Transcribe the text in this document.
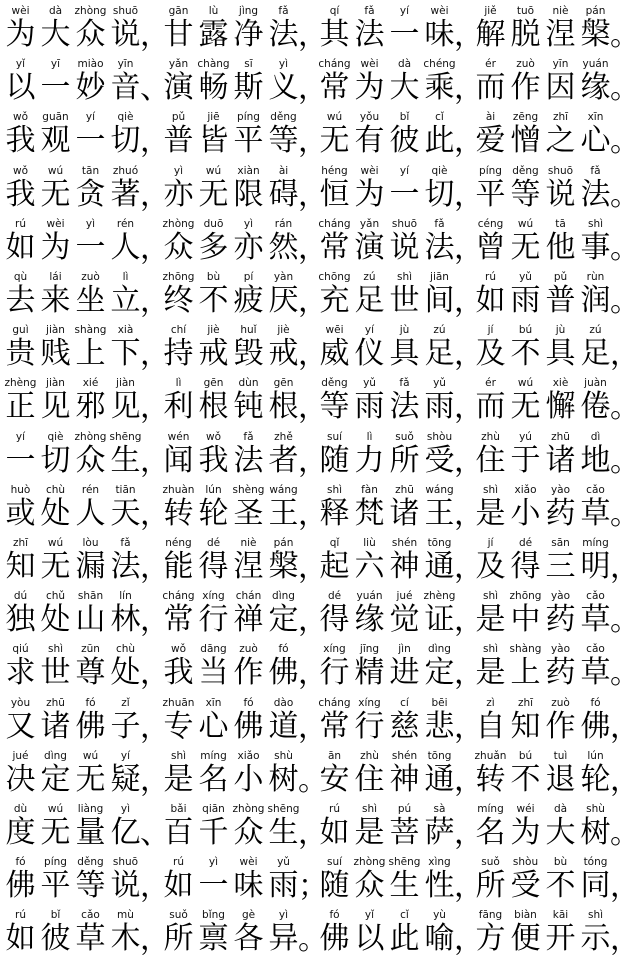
wèi
为
dà
大
zhòng
众
shuō
说 ，
gān
甘
lù
露
jìng
净
fǎ
法 ，
qí
其
fǎ
法
yí
一
wèi
味 ，
jiě
解
tuō
脱
niè
涅
pán
槃 。
yǐ
以
yī
一
miào
妙
yīn
音 、
yǎn
演
chàng
畅
sī
斯
yì
义 ，
cháng
常
wèi
为
dà
大
chéng
乘 ，
ér
而
zuò
作
yīn
因
yuán
缘 。
wǒ
我
guān
观
yí
一
qiè
切 ，
pǔ
普
jiē
皆
píng
平
děng
等 ，
wú
无
yǒu
有
bǐ
彼
cǐ
此 ，
ài
爱
zēng
憎
zhī
之
xīn
心 。
wǒ
我
wú
无
tān
贪
zhuó
著 ，
yì
亦
wú
无
xiàn
限
ài
碍 ，
héng
恒
wèi
为
yí
一
qiè
切 ，
píng
平
děng
等
shuō
说
fǎ
法 。
rú
如
wèi
为
yì
一
rén
人 ，
zhòng
众
duō
多
yì
亦
rán
然 ，
cháng
常
yǎn
演
shuō
说
fǎ
法 ，
céng
曾
wú
无
tā
他
shì
事 。
qù
去
lái
来
zuò
坐
lì
立 ，
zhōng
终
bù
不
pí
疲
yàn
厌 ，
chōng
充
zú
足
shì
世
jiān
间 ，
rú
如
yǔ
雨
pǔ
普
rùn
润 。
guì
贵
jiàn
贱
shàng
上
xià
下 ，
chí
持
jiè
戒
huǐ
毁
jiè
戒 ，
wēi
威
yí
仪
jù
具
zú
足 ，
jí
及
bú
不
jù
具
zú
足 ，
zhèng
正
jiàn
见
xié
邪
jiàn
见 ，
lì
利
gēn
根
dùn
钝
gēn
根 ，
děng
等
yǔ
雨
fǎ
法
yǔ
雨 ，
ér
而
wú
无
xiè
懈
juàn
倦 。
yí
一
qiè
切
zhòng
众
shēng
生 ，
wén
闻
wǒ
我
fǎ
法
zhě
者 ，
suí
随
lì
力
suǒ
所
shòu
受 ，
zhù
住
yú
于
zhū
诸
dì
地 。
huò
或
chù
处
rén
人
tiān
天 ，
zhuàn
转
lún
轮
shèng
圣
wáng
王 ，
shì
释
fàn
梵
zhū
诸
wáng
王 ，
shì
是
xiǎo
小
yào
药
cǎo
草 。
zhī
知
wú
无
lòu
漏
fǎ
法 ，
néng
能
dé
得
niè
涅
pán
槃 ，
qǐ
起
liù
六
shén
神
tōng
通 ，
jí
及
dé
得
sān
三
míng
明 ，
dú
独
chǔ
处
shān
山
lín
林 ，
cháng
常
xíng
行
chán
禅
dìng
定 ，
dé
得
yuán
缘
jué
觉
zhèng
证 ，
shì
是
zhōng
中
yào
药
cǎo
草 。
qiú
求
shì
世
zūn
尊
chù
处 ，
wǒ
我
dāng
当
zuò
作
fó
佛 ，
xíng
行
jīng
精
jìn
进
dìng
定 ，
shì
是
shàng
上
yào
药
cǎo
草 。
yòu
又
zhū
诸
fó
佛
zǐ
子 ，
zhuān
专
xīn
心
fó
佛
dào
道 ，
cháng
常
xíng
行
cí
慈
bēi
悲 ，
zì
自
zhī
知
zuò
作
fó
佛 ，
jué
决
dìng
定
wú
无
yí
疑 ，
shì
是
míng
名
xiǎo
小
shù
树 。
ān
安
zhù
住
shén
神
tōng
通 ，
zhuǎn
转
bú
不
tuì
退
lún
轮 ，
dù
度
wú
无
liàng
量
yì
亿 、
bǎi
百
qiān
千
zhòng
众
shēng
生 ，
rú
如
shì
是
pú
菩
sà
萨 ，
míng
名
wéi
为
dà
大
shù
树 。
fó
佛
píng
平
děng
等
shuō
说 ，
rú
如
yì
一
wèi
味
yǔ
雨 ；
suí
随
zhòng
众
shēng
生
xìng
性 ，
suǒ
所
shòu
受
bù
不
tóng
同 ，
rú
如
bǐ
彼
cǎo
草
mù
木 ，
suǒ
所
bǐng
禀
gè
各
yì
异 。
fó
佛
yǐ
以
cǐ
此
yù
喻 ，
fāng
方
biàn
便
kāi
开
shì
示 ，
